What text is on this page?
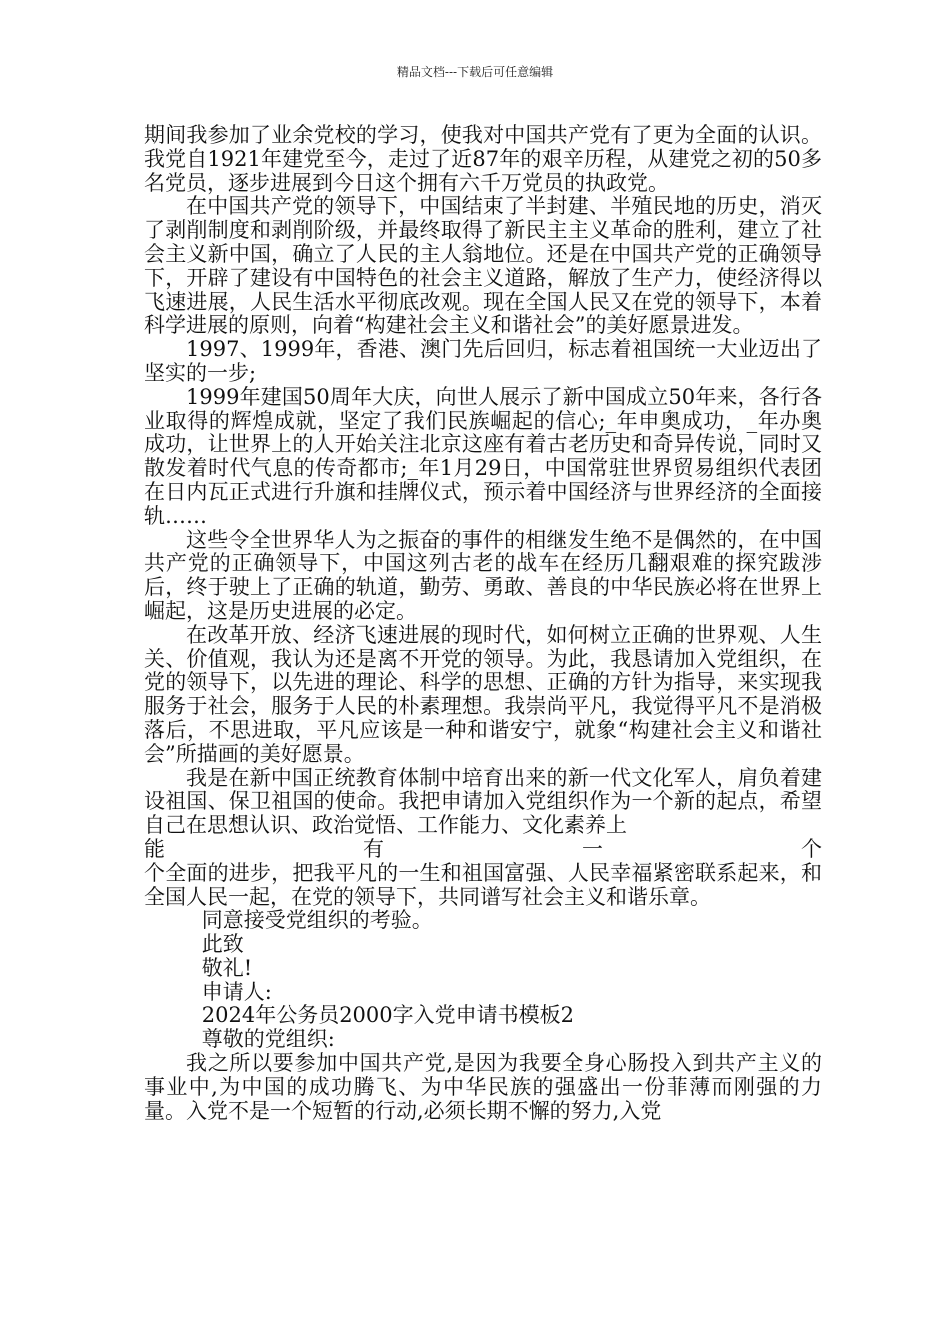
精品文档---下载后可任意编辑

期间我参加了业余党校的学习，使我对中国共产党有了更为全面的认识。我党自1921年建党至今，走过了近87年的艰辛历程，从建党之初的50多名党员，逐步进展到今日这个拥有六千万党员的执政党。

在中国共产党的领导下，中国结束了半封建、半殖民地的历史，消灭了剥削制度和剥削阶级，并最终取得了新民主主义革命的胜利，建立了社会主义新中国，确立了人民的主人翁地位。还是在中国共产党的正确领导下，开辟了建设有中国特色的社会主义道路，解放了生产力，使经济得以飞速进展，人民生活水平彻底改观。现在全国人民又在党的领导下，本着科学进展的原则，向着“构建社会主义和谐社会”的美好愿景进发。

1997、1999年，香港、澳门先后回归，标志着祖国统一大业迈出了坚实的一步;

1999年建国50周年大庆，向世人展示了新中国成立50年来，各行各业取得的辉煌成就，坚定了我们民族崛起的信心;_年申奥成功，_年办奥成功，让世界上的人开始关注北京这座有着古老历史和奇异传说，同时又散发着时代气息的传奇都市;_年1月29日，中国常驻世界贸易组织代表团在日内瓦正式进行升旗和挂牌仪式，预示着中国经济与世界经济的全面接轨……

这些令全世界华人为之振奋的事件的相继发生绝不是偶然的，在中国共产党的正确领导下，中国这列古老的战车在经历几翻艰难的探究跋涉后，终于驶上了正确的轨道，勤劳、勇敢、善良的中华民族必将在世界上崛起，这是历史进展的必定。

在改革开放、经济飞速进展的现时代，如何树立正确的世界观、人生关、价值观，我认为还是离不开党的领导。为此，我恳请加入党组织，在党的领导下，以先进的理论、科学的思想、正确的方针为指导，来实现我服务于社会，服务于人民的朴素理想。我崇尚平凡，我觉得平凡不是消极落后，不思进取，平凡应该是一种和谐安宁，就象“构建社会主义和谐社会”所描画的美好愿景。

我是在新中国正统教育体制中培育出来的新一代文化军人，肩负着建设祖国、保卫祖国的使命。我把申请加入党组织作为一个新的起点，希望自己在思想认识、政治觉悟、工作能力、文化素养上

能 有 一 个

个全面的进步，把我平凡的一生和祖国富强、人民幸福紧密联系起来，和全国人民一起，在党的领导下，共同谱写社会主义和谐乐章。

同意接受党组织的考验。

此致

敬礼!

申请人:

2024年公务员2000字入党申请书模板2

尊敬的党组织:

我之所以要参加中国共产党,是因为我要全身心肠投入到共产主义的事业中,为中国的成功腾飞、为中华民族的强盛出一份菲薄而刚强的力量。入党不是一个短暂的行动,必须长期不懈的努力,入党
